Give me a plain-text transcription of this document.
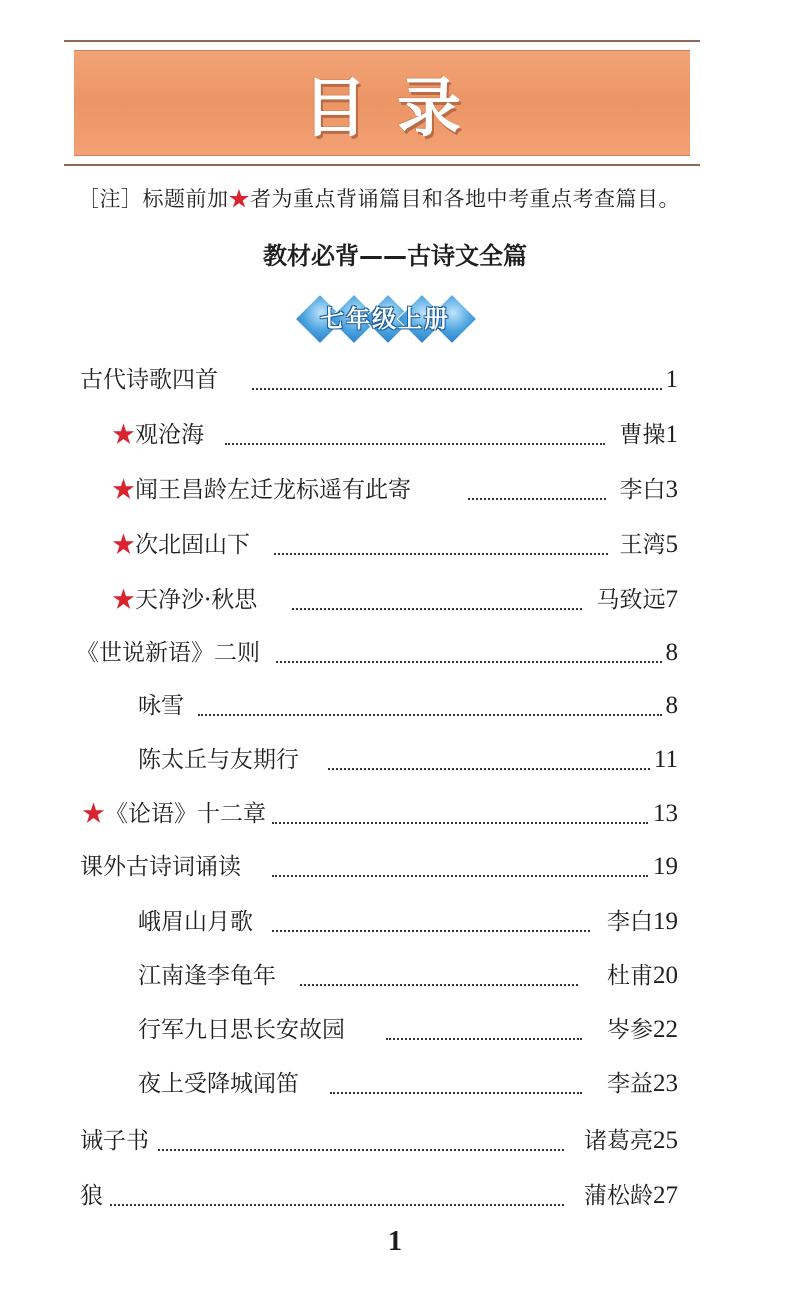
目录
［注］标题前加★者为重点背诵篇目和各地中考重点考查篇目。
教材必背——古诗文全篇
七年级上册
古代诗歌四首	1
★观沧海	曹操1
★闻王昌龄左迁龙标遥有此寄	李白3
★次北固山下	王湾5
★天净沙·秋思	马致远7
《世说新语》二则	8
咏雪	8
陈太丘与友期行	11
★《论语》十二章	13
课外古诗词诵读	19
峨眉山月歌	李白19
江南逢李龟年	杜甫20
行军九日思长安故园	岑参22
夜上受降城闻笛	李益23
诫子书	诸葛亮25
狼	蒲松龄27
1
